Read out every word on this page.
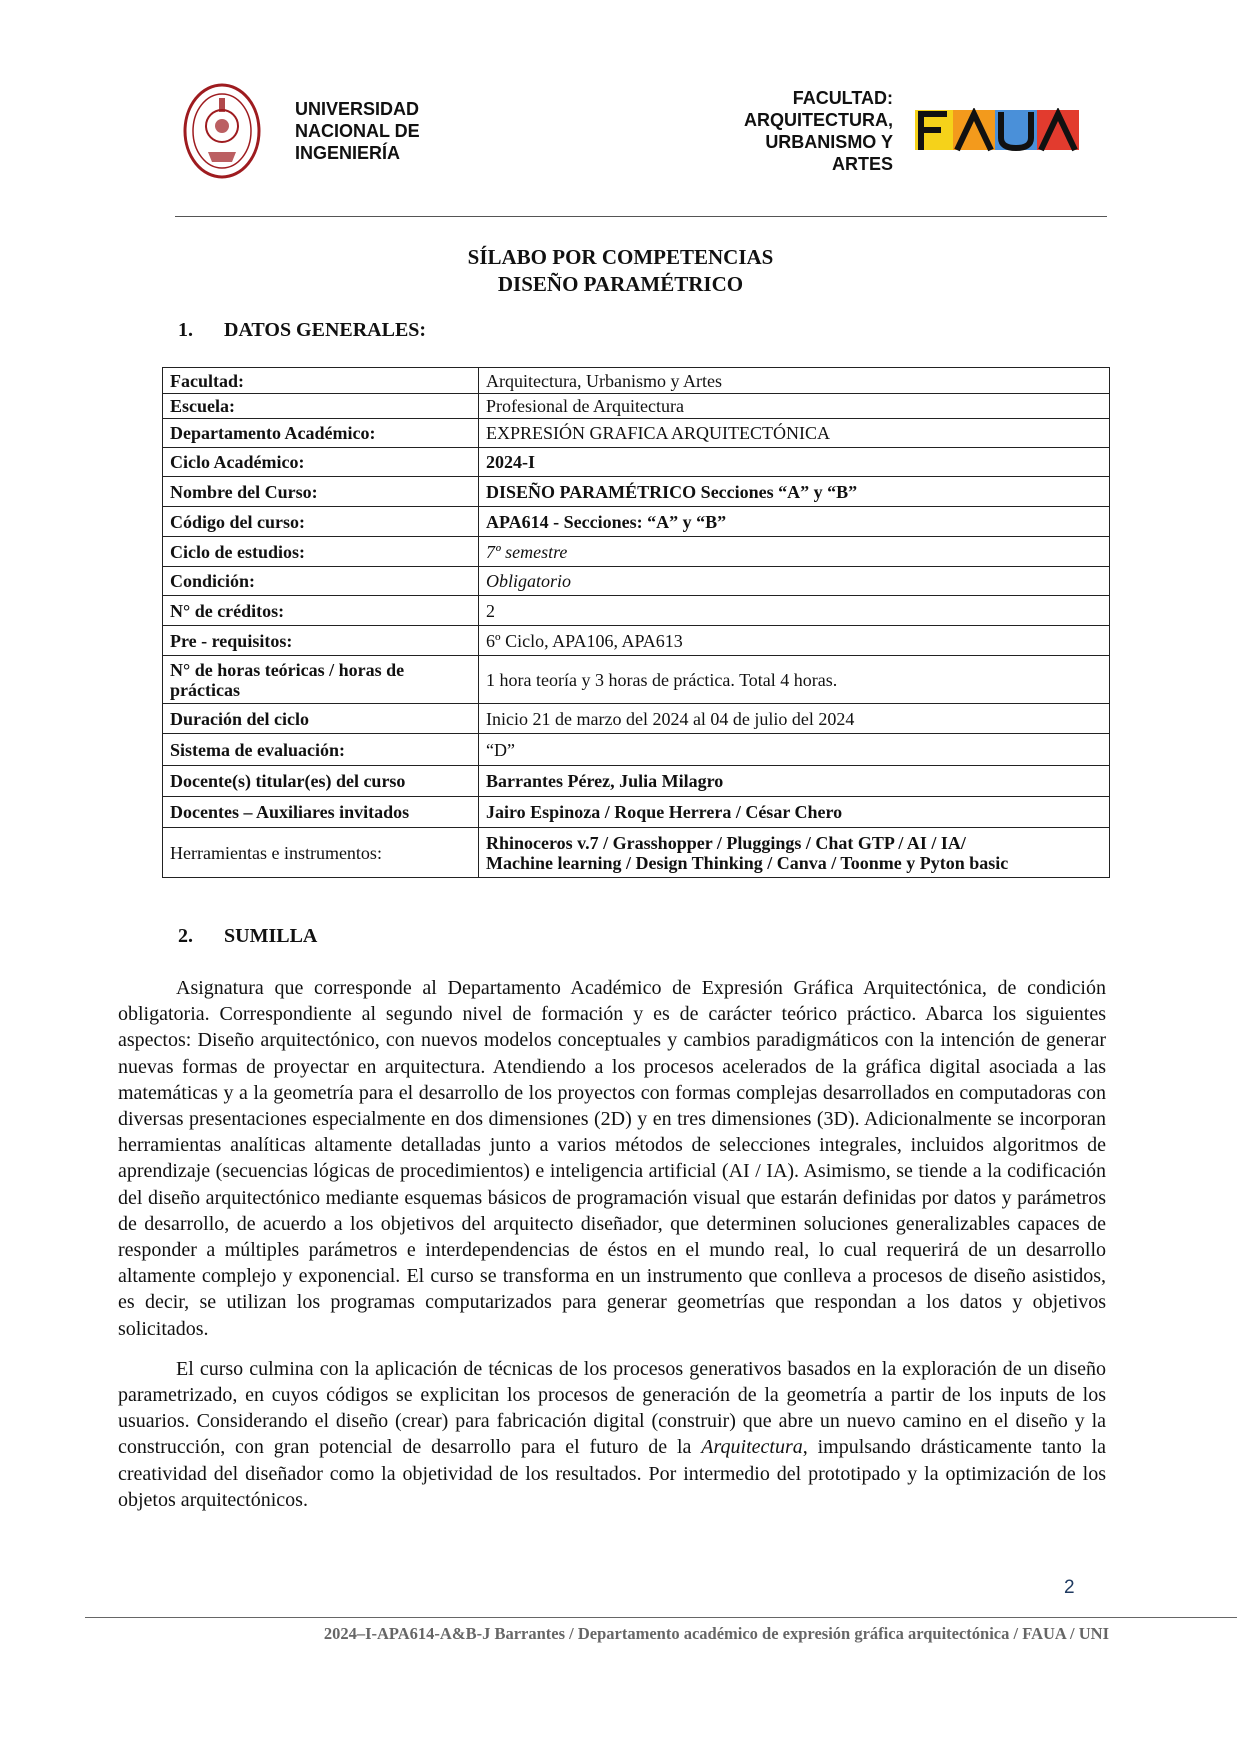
UNIVERSIDAD
NACIONAL DE
INGENIERÍA
FACULTAD:
ARQUITECTURA,
URBANISMO Y
ARTES
SÍLABO POR COMPETENCIAS
DISEÑO PARAMÉTRICO
1. DATOS GENERALES:
Facultad:	Arquitectura, Urbanismo y Artes
Escuela:	Profesional de Arquitectura
Departamento Académico:	EXPRESIÓN GRAFICA ARQUITECTÓNICA
Ciclo Académico:	2024-I
Nombre del Curso:	DISEÑO PARAMÉTRICO Secciones “A” y “B”
Código del curso:	APA614 - Secciones: “A” y “B”
Ciclo de estudios:	7º semestre
Condición:	Obligatorio
N° de créditos:	2
Pre - requisitos:	6º Ciclo, APA106, APA613
N° de horas teóricas / horas de prácticas	1 hora teoría y 3 horas de práctica. Total 4 horas.
Duración del ciclo	Inicio 21 de marzo del 2024 al 04 de julio del 2024
Sistema de evaluación:	“D”
Docente(s) titular(es) del curso	Barrantes Pérez, Julia Milagro
Docentes – Auxiliares invitados	Jairo Espinoza / Roque Herrera / César Chero
Herramientas e instrumentos:	Rhinoceros v.7 / Grasshopper / Pluggings / Chat GTP / AI / IA/
Machine learning / Design Thinking / Canva / Toonme y Pyton basic
2. SUMILLA

Asignatura que corresponde al Departamento Académico de Expresión Gráfica Arquitectónica, de condición obligatoria. Correspondiente al segundo nivel de formación y es de carácter teórico práctico. Abarca los siguientes aspectos: Diseño arquitectónico, con nuevos modelos conceptuales y cambios paradigmáticos con la intención de generar nuevas formas de proyectar en arquitectura. Atendiendo a los procesos acelerados de la gráfica digital asociada a las matemáticas y a la geometría para el desarrollo de los proyectos con formas complejas desarrollados en computadoras con diversas presentaciones especialmente en dos dimensiones (2D) y en tres dimensiones (3D). Adicionalmente se incorporan herramientas analíticas altamente detalladas junto a varios métodos de selecciones integrales, incluidos algoritmos de aprendizaje (secuencias lógicas de procedimientos) e inteligencia artificial (AI / IA). Asimismo, se tiende a la codificación del diseño arquitectónico mediante esquemas básicos de programación visual que estarán definidas por datos y parámetros de desarrollo, de acuerdo a los objetivos del arquitecto diseñador, que determinen soluciones generalizables capaces de responder a múltiples parámetros e interdependencias de éstos en el mundo real, lo cual requerirá de un desarrollo altamente complejo y exponencial. El curso se transforma en un instrumento que conlleva a procesos de diseño asistidos, es decir, se utilizan los programas computarizados para generar geometrías que respondan a los datos y objetivos solicitados.

El curso culmina con la aplicación de técnicas de los procesos generativos basados en la exploración de un diseño parametrizado, en cuyos códigos se explicitan los procesos de generación de la geometría a partir de los inputs de los usuarios. Considerando el diseño (crear) para fabricación digital (construir) que abre un nuevo camino en el diseño y la construcción, con gran potencial de desarrollo para el futuro de la Arquitectura, impulsando drásticamente tanto la creatividad del diseñador como la objetividad de los resultados. Por intermedio del prototipado y la optimización de los objetos arquitectónicos.

2
2024–I-APA614-A&B-J Barrantes / Departamento académico de expresión gráfica arquitectónica / FAUA / UNI
